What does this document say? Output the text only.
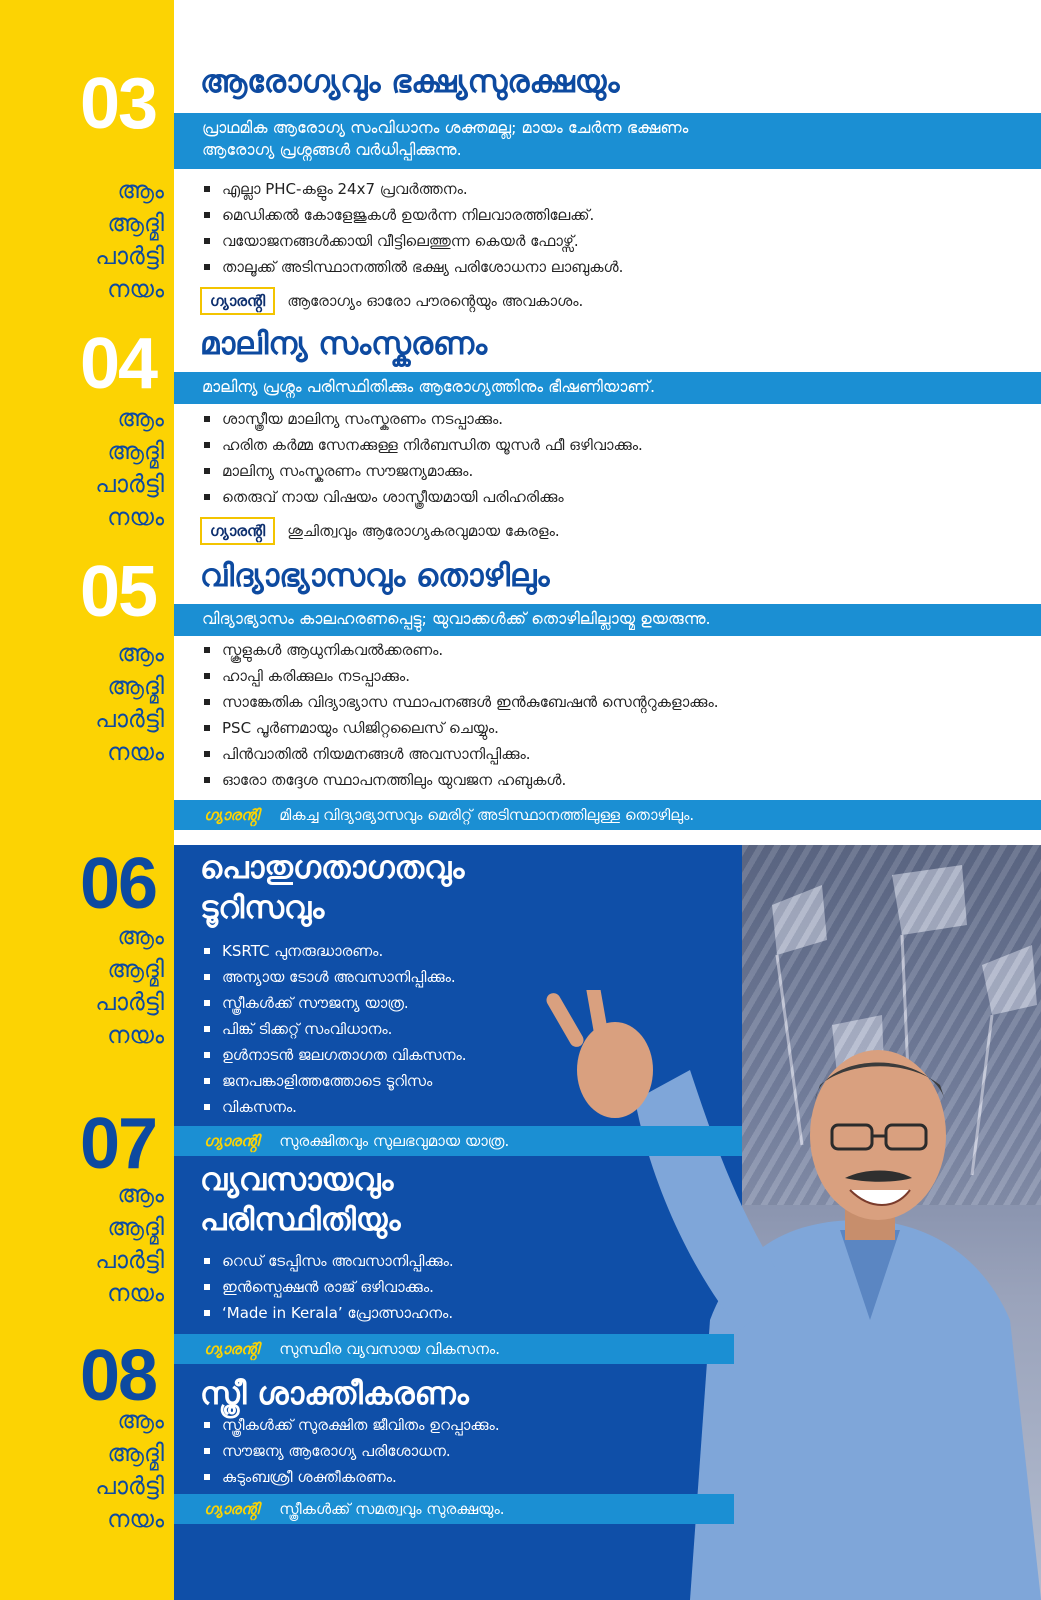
03
ആം
ആദ്മി
പാർട്ടി
നയം
ആരോഗ്യവും ഭക്ഷ്യസുരക്ഷയും
പ്രാഥമിക ആരോഗ്യ സംവിധാനം ശക്തമല്ല; മായം ചേർന്ന ഭക്ഷണം
ആരോഗ്യ പ്രശ്നങ്ങൾ വർധിപ്പിക്കുന്നു.
എല്ലാ PHC-കളും 24x7 പ്രവർത്തനം.
മെഡിക്കൽ കോളേജുകൾ ഉയർന്ന നിലവാരത്തിലേക്ക്.
വയോജനങ്ങൾക്കായി വീട്ടിലെത്തുന്ന കെയർ ഫോഴ്സ്.
താലൂക്ക് അടിസ്ഥാനത്തിൽ ഭക്ഷ്യ പരിശോധനാ ലാബുകൾ.
ഗ്യാരൻ്റി	ആരോഗ്യം ഓരോ പൗരൻ്റെയും അവകാശം.
04
ആം
ആദ്മി
പാർട്ടി
നയം
മാലിന്യ സംസ്കരണം
മാലിന്യ പ്രശ്നം പരിസ്ഥിതിക്കും ആരോഗ്യത്തിനും ഭീഷണിയാണ്.
ശാസ്ത്രീയ മാലിന്യ സംസ്കരണം നടപ്പാക്കും.
ഹരിത കർമ്മ സേനക്കുള്ള നിർബന്ധിത യൂസർ ഫീ ഒഴിവാക്കും.
മാലിന്യ സംസ്കരണം സൗജന്യമാക്കും.
തെരുവ് നായ വിഷയം ശാസ്ത്രീയമായി പരിഹരിക്കും
ഗ്യാരൻ്റി	ശുചിത്വവും ആരോഗ്യകരവുമായ കേരളം.
05
ആം
ആദ്മി
പാർട്ടി
നയം
വിദ്യാഭ്യാസവും തൊഴിലും
വിദ്യാഭ്യാസം കാലഹരണപ്പെട്ടു; യുവാക്കൾക്ക് തൊഴിലില്ലായ്മ ഉയരുന്നു.
സ്കൂളുകൾ ആധുനികവൽക്കരണം.
ഹാപ്പി കരിക്കുലം നടപ്പാക്കും.
സാങ്കേതിക വിദ്യാഭ്യാസ സ്ഥാപനങ്ങൾ ഇൻകുബേഷൻ സെൻ്ററുകളാക്കും.
PSC പൂർണമായും ഡിജിറ്റലൈസ് ചെയ്യും.
പിൻവാതിൽ നിയമനങ്ങൾ അവസാനിപ്പിക്കും.
ഓരോ തദ്ദേശ സ്ഥാപനത്തിലും യുവജന ഹബുകൾ.
ഗ്യാരൻ്റി മികച്ച വിദ്യാഭ്യാസവും മെരിറ്റ് അടിസ്ഥാനത്തിലുള്ള തൊഴിലും.
06
ആം
ആദ്മി
പാർട്ടി
നയം
പൊതുഗതാഗതവും
ടൂറിസവും
KSRTC പുനരുദ്ധാരണം.
അന്യായ ടോൾ അവസാനിപ്പിക്കും.
സ്ത്രീകൾക്ക് സൗജന്യ യാത്ര.
പിങ്ക് ടിക്കറ്റ് സംവിധാനം.
ഉൾനാടൻ ജലഗതാഗത വികസനം.
ജനപങ്കാളിത്തത്തോടെ ടൂറിസം
വികസനം.
ഗ്യാരൻ്റി സുരക്ഷിതവും സുലഭവുമായ യാത്ര.
07
ആം
ആദ്മി
പാർട്ടി
നയം
വ്യവസായവും
പരിസ്ഥിതിയും
റെഡ് ടേപ്പിസം അവസാനിപ്പിക്കും.
ഇൻസ്പെക്ഷൻ രാജ് ഒഴിവാക്കും.
‘Made in Kerala’ പ്രോത്സാഹനം.
ഗ്യാരൻ്റി സുസ്ഥിര വ്യവസായ വികസനം.
08
ആം
ആദ്മി
പാർട്ടി
നയം
സ്ത്രീ ശാക്തീകരണം
സ്ത്രീകൾക്ക് സുരക്ഷിത ജീവിതം ഉറപ്പാക്കും.
സൗജന്യ ആരോഗ്യ പരിശോധന.
കുടുംബശ്രീ ശക്തീകരണം.
ഗ്യാരൻ്റി സ്ത്രീകൾക്ക് സമത്വവും സുരക്ഷയും.
